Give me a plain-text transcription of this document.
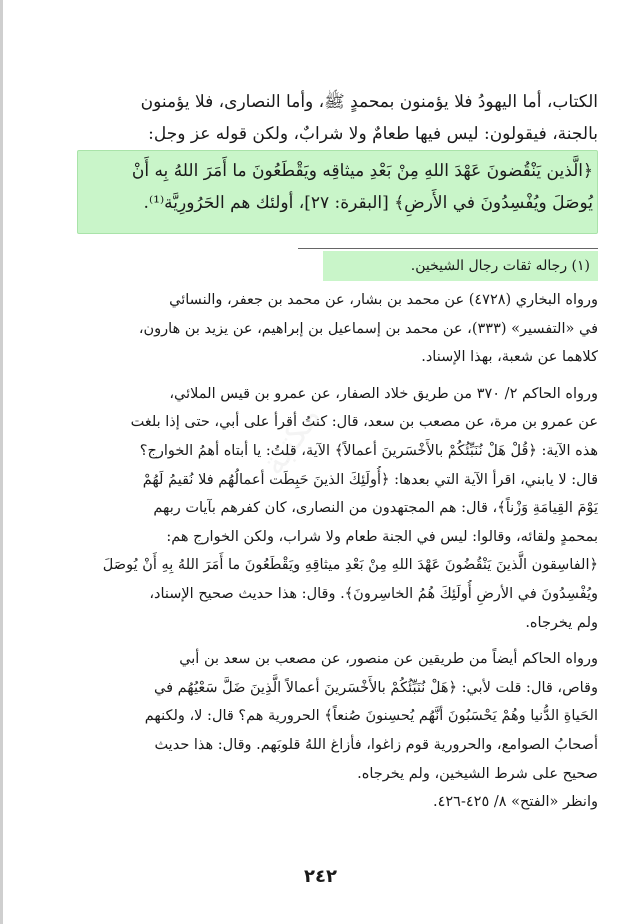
الكتاب، أما اليهودُ فلا يؤمنون بمحمدٍ ﷺ، وأما النصارى، فلا يؤمنون
بالجنة، فيقولون: ليس فيها طعامٌ ولا شرابٌ، ولكن قوله عز وجل:
﴿الَّذين يَنْقُضونَ عَهْدَ اللهِ مِنْ بَعْدِ ميثاقِه ويَقْطَعُونَ ما أَمَرَ اللهُ بِه أَنْ
يُوصَلَ ويُفْسِدُونَ في الأَرضِ﴾ [البقرة: ٢٧]، أولئك هم الحَرُورِيَّة⁽¹⁾.
(١) رجاله ثقات رجال الشيخين.
ورواه البخاري (٤٧٢٨) عن محمد بن بشار، عن محمد بن جعفر، والنسائي
في «التفسير» (٣٣٣)، عن محمد بن إسماعيل بن إبراهيم، عن يزيد بن هارون،
كلاهما عن شعبة، بهذا الإسناد.
ورواه الحاكم ٢/ ٣٧٠ من طريق خلاد الصفار، عن عمرو بن قيس الملائي،
عن عمرو بن مرة، عن مصعب بن سعد، قال: كنتُ أقرأ على أبي، حتى إذا بلغت
هذه الآية: ﴿قُلْ هَلْ نُنَبِّئُكُمْ بالأَخْسَرينَ أعمالاً﴾ الآية، قلتُ: يا أبتاه أهمُ الخوارج؟
قال: لا يابني، اقرأ الآية التي بعدها: ﴿أُولَئِكَ الذينَ حَبِطَت أعمالُهُم فلا نُقيمُ لَهُمْ
يَوْمَ القِيامَةِ وَزْناً﴾، قال: هم المجتهدون من النصارى، كان كفرهم بآيات ربهم
بمحمدٍ ولقائه، وقالوا: ليس في الجنة طعام ولا شراب، ولكن الخوارج هم:
﴿الفاسِقون الَّذينَ يَنْقُضُونَ عَهْدَ اللهِ مِنْ بَعْدِ ميثاقِهِ ويَقْطَعُونَ ما أَمَرَ اللهُ بِهِ أَنْ يُوصَلَ
ويُفْسِدُونَ في الأرضِ أُولَئِكَ هُمُ الخاسِرونَ﴾. وقال: هذا حديث صحيح الإسناد،
ولم يخرجاه.
ورواه الحاكم أيضاً من طريقين عن منصور، عن مصعب بن سعد بن أبي
وقاص، قال: قلت لأبي: ﴿هَلْ نُنَبِّئُكُمْ بالأَخْسَرينَ أعمالاً الَّذِينَ ضَلَّ سَعْيُهُم في
الحَياةِ الدُّنيا وهُمْ يَحْسَبُونَ أنَّهُم يُحسِنونَ صُنعاً﴾ الحرورية هم؟ قال: لا، ولكنهم
أصحابُ الصوامع، والحرورية قوم زاغوا، فأزاغ اللهُ قلوبَهم. وقال: هذا حديث
صحيح على شرط الشيخين، ولم يخرجاه.
وانظر «الفتح» ٨/ ٤٢٥-٤٢٦.
٢٤٢
